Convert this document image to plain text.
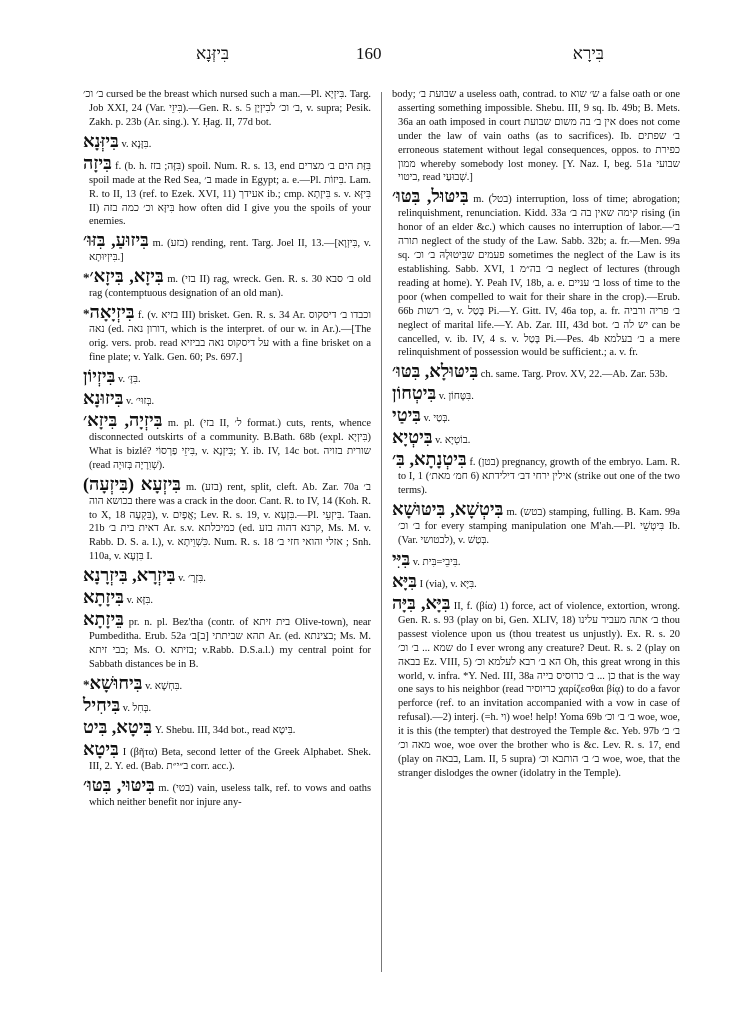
בִּיזְּנָא	160	בִּירָא

ב׳ וכ׳ cursed be the breast which nursed such a man.—Pl. בִּיזְיָא. Targ. Job XXI, 24 (Var. בִּיזֵי).—Gen. R. s. 5 ב׳ וכ׳ לבִיזְיָן, v. supra; Pesik. Zakh. p. 23b (Ar. sing.). Y. Ḥag. II, 77d bot.

בִּיזְּנָא v. בִּזָּנָא.

בִּיזָה f. (b. h. בִּזָּה; בזז) spoil. Num. R. s. 13, end בִּזַּת הים ב׳ מצרים spoil made at the Red Sea, ב׳ made in Egypt; a. e.—Pl. בִּיזוֹת. Lam. R. to II, 13 (ref. to Ezek. XVI, 11) אעידך ib.; cmp. בִּיזָתָא s. v. בִּיזָּא II) בִּיזָּא וכ׳ כמה בזה how often did I give you the spoils of your enemies.

בִּיזוּעַ, בִּזּוּ׳ m. (בזע) rending, rent. Targ. Joel II, 13.—[בִּיזְוָא, v. בִּיזְיוּתָא.]

*בִּיזָא, בִּיזָא׳ m. (בזי II) rag, wreck. Gen. R. s. 30 ב׳ סבא old rag (contemptuous designation of an old man).

*בִּיזְיָאָה f. (v. בזיא III) brisket. Gen. R. s. 34 Ar. וכבדו ב׳ דיסקוס נאה (ed. דורון נאה, which is the interpret. of our w. in Ar.).—[The orig. vers. prob. read על דיסקוס נאה בביזיא with a fine brisket on a fine plate; v. Yalk. Gen. 60; Ps. 697.]

בִּיזְיוֹן v. בִּזָּ׳.

בִּיזוּנָא v. בְּזוּי׳.

בִּיזְיָה, בִּיזָא׳ m. pl. (בזי II, ל׳ format.) cuts, rents, whence disconnected outskirts of a community. B.Bath. 68b (expl. בִּיזְיָא) What is bizlé? בִּיזֵי פַרְסוֹי, v. בִּיזְנָא; Y. ib. IV, 14c bot. שורית בזויה (read שְׁוִרָיָה בְּזוּיָה).

בִּיזְעָא (בִּיזְעָה) m. (בזע) rent, split, cleft. Ab. Zar. 70a ב׳ בכושא הוה there was a crack in the door. Cant. R. to IV, 14 (Koh. R. to X, 18 בִּקְעָה), v. אֲפָיִם; Lev. R. s. 19, v. בִּזְעָא.—Pl. בִּיזְעֵי. Taan. 21b דאית בית ב׳ Ar. s.v. כמיכלתא (ed. קרנא דהוה בזע, Ms. M. v. Rabb. D. S. a. l.), v. כִּשְׁוֵיתָא. Num. R. s. 18 אזלי והואי חזי ב׳ ; Snh. 110a, v. בִּזְעָא I.

בִּיזְרָא, בִּיזְרָנָא v. בִּזְרָ׳.

בִּיזָתָא v. בִּזָּא.

בֵּיזָתָא pr. n. pl. Bez'tha (contr. of בית זיתא Olive-town), near Pumbeditha. Erub. 52a תהא שביתתי [ב]ב׳ Ar. (ed. בצינתא; Ms. M. בבי זיתא; Ms. O. בזיתא; v.Rabb. D.S.a.l.) my central point for Sabbath distances be in B.

*בִּיחוּשָׁא v. בִּחְשָׁא.

בִּיחִיל v. בְּחִל.

בִּיטָא, בִּיט Y. Shebu. III, 34d bot., read בִּיטָא.

בִּיטָא I (βῆτα) Beta, second letter of the Greek Alphabet. Shek. III, 2. Y. ed. (Bab. ב״י״ת corr. acc.).

בִּיטּוּי, בִּטּוּ׳ m. (בטי) vain, useless talk, ref. to vows and oaths which neither benefit nor injure any-

body; שבועת ב׳ a useless oath, contrad. to ש׳ שוא a false oath or one asserting something impossible. Shebu. III, 9 sq. Ib. 49b; B. Mets. 36a an oath imposed in court אין ב׳ בה משום שבועת does not come under the law of vain oaths (as to sacrifices). Ib. ב׳ שפתים erroneous statement without legal consequences, oppos. to כפירת ממון whereby somebody lost money. [Y. Naz. I, beg. 51a שבועי ביטוי, read שְׁבוּעַי.]

בִּיטּוּל, בִּטּוּ׳ m. (בטל) interruption, loss of time; abrogation; relinquishment, renunciation. Kidd. 33a קימה שאין בה ב׳ rising (in honor of an elder &c.) which causes no interruption of labor.—ב׳ תורה neglect of the study of the Law. Sabb. 32b; a. fr.—Men. 99a sq. פעמים שבִּיטוּלָהּ ב׳ וכ׳ sometimes the neglect of the Law is its establishing. Sabb. XVI, 1 ב׳ בה״מ neglect of lectures (through reading at home). Y. Peah IV, 18b, a. e. ב׳ עניים loss of time to the poor (when compelled to wait for their share in the crop).—Erub. 66b ב׳ רשות, v. בָּטַל Pi.—Y. Gitt. IV, 46a top, a. fr. ב׳ פריה ורביה neglect of marital life.—Y. Ab. Zar. III, 43d bot. יש לה ב׳ can be cancelled, v. ib. IV, 4 s. v. בָּטַל Pi.—Pes. 4b ב׳ בעלמא a mere relinquishment of possession would be sufficient.; a. v. fr.

בִּיטּוּלָא, בִּטּוּ׳ ch. same. Targ. Prov. XV, 22.—Ab. Zar. 53b.

בִּיטְחוֹן v. בִּטָּחוֹן.

בִּיטַי v. בְּטַי.

בִּיטְיָא v. בוֹטְיָא.

בִּיטְנָתָא, בִּ׳ f. (בטן) pregnancy, growth of the embryo. Lam. R. to I, 1 אילין ירחי דב׳ דילידתא (6 חמ׳ מאת׳) (strike out one of the two terms).

בִּיטְשָׁא, בִּיטּוּשָׁא m. (בטש) stamping, fulling. B. Kam. 99a ב׳ וכ׳ for every stamping manipulation one M'ah.—Pl. בִּיטְשֵׁי Ib. (Var. לבטושי), v. בְּטַשׁ.

בִּיִּי v. בִּיבֵי=בִּית.

בִּיָּא I (via), v. בִּיָּא.

בִּיָּא, בִּיָּה II, f. (βία) 1) force, act of violence, extortion, wrong. Gen. R. s. 93 (play on bi, Gen. XLIV, 18) ב׳ אתה מעביר עלינו thou passest violence upon us (thou treatest us unjustly). Ex. R. s. 20 שמא ... ב׳ וכ׳ do I ever wrong any creature? Deut. R. s. 2 (play on בבאה Ez. VIII, 5) הא ב׳ רבא לעלמא וכ׳ Oh, this great wrong in this world, v. infra. *Y. Ned. III, 38a כן ... ב׳ כרוסיס בייה that is the way one says to his neighbor (read כריוסיר χαρίζεσθαι βίᾳ) to do a favor perforce (ref. to an invitation accompanied with a vow in case of refusal).—2) interj. (=h. וי) woe! help! Yoma 69b ב׳ ב׳ וכ׳ woe, woe, it is this (the tempter) that destroyed the Temple &c. Yeb. 97b ב׳ ב׳ מאה וכ׳ woe, woe over the brother who is &c. Lev. R. s. 17, end (play on בבאה, Lam. II, 5 supra) ב׳ ב׳ הותבא וכ׳ woe, woe, that the stranger dislodges the owner (idolatry in the Temple).
